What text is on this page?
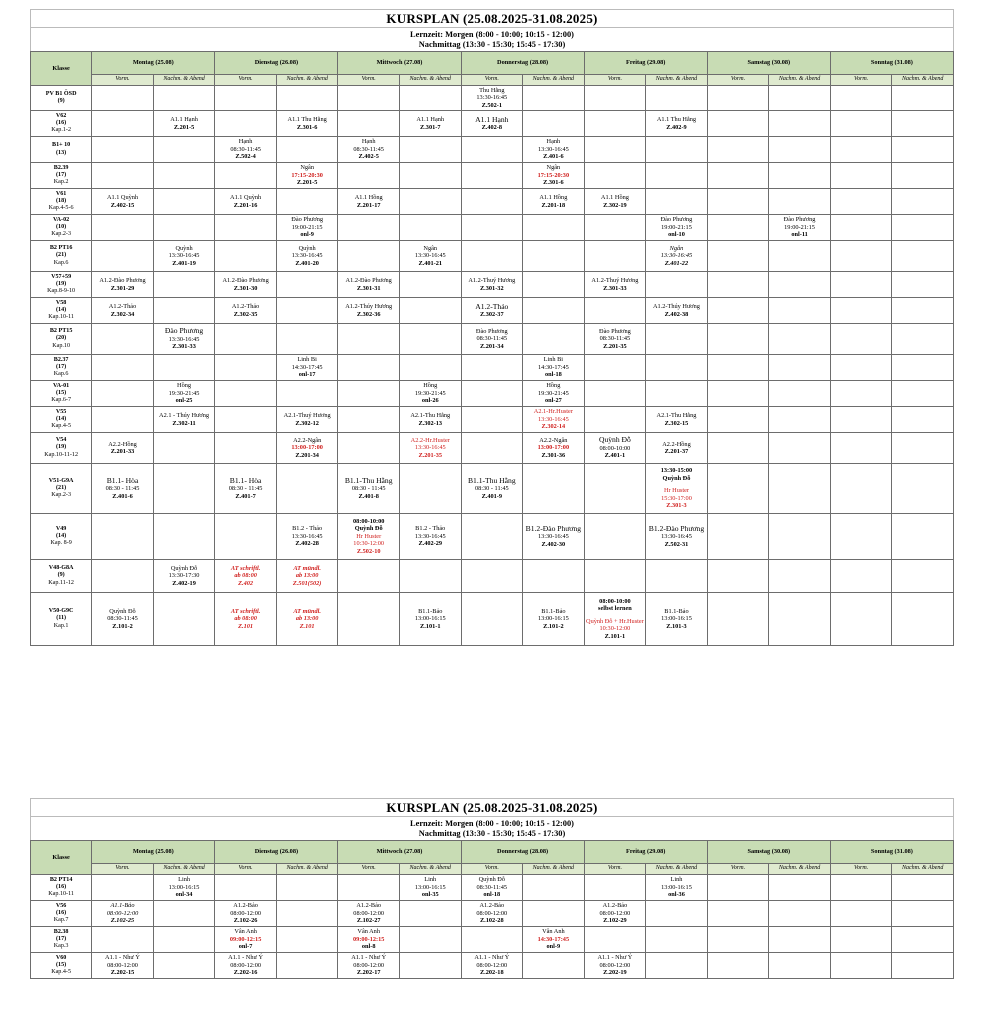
KURSPLAN (25.08.2025-31.08.2025)
Lernzeit: Morgen (8:00 - 10:00; 10:15 - 12:00)
Nachmittag (13:30 - 15:30; 15:45 - 17:30)
Klasse	Montag (25.08)		Dienstag (26.08)		Mittwoch (27.08)		Donnerstag (28.08)		Freitag (29.08)		Samstag (30.08)		Sonntag (31.08)	
	Vorm.	Nachm. & Abend	Vorm.	Nachm. & Abend	Vorm.	Nachm. & Abend	Vorm.	Nachm. & Abend	Vorm.	Nachm. & Abend	Vorm.	Nachm. & Abend	Vorm.	Nachm. & Abend

PV B1 ÖSD
(9)							Thu Hằng
13:30-16:45
Z.502-1							

V62
(16)
Kap.1-2		A1.1 Hạnh
Z.201-5		A1.1 Thu Hằng
Z.301-6		A1.1 Hạnh
Z.301-7	A1.1 Hạnh
Z.402-8			A1.1 Thu Hằng
Z.402-9				

B1+ 10
(13)			Hạnh
08:30-11:45
Z.502-4		Hạnh
08:30-11:45
Z.402-5			Hạnh
13:30-16:45
Z.401-6						

B2.39
(17)
Kap.2				Ngân
17:15-20:30
Z.201-5				Ngân
17:15-20:30
Z.301-6						

V61
(18)
Kap.4-5-6	A1.1 Quỳnh
Z.402-15		A1.1 Quỳnh
Z.201-16		A1.1 Hồng
Z.201-17			A1.1 Hồng
Z.201-18	A1.1 Hồng
Z.302-19					

VA-02
(10)
Kap.2-3				Đào Phương
19:00-21:15
onl-9						Đào Phương
19:00-21:15
onl-10		Đào Phương
19:00-21:15
onl-11		

B2 PT16
(21)
Kap.6		Quỳnh
13:30-16:45
Z.401-19		Quỳnh
13:30-16:45
Z.401-20		Ngân
13:30-16:45
Z.401-21				Ngân
13:30-16:45
Z.401-22				

V57+59
(19)
Kap.8-9-10	A1.2-Đào Phương
Z.301-29		A1.2-Đào Phương
Z.301-30		A1.2-Đào Phương
Z.301-31		A1.2-Thuý Hương
Z.301-32		A1.2-Thuý Hương
Z.301-33					

V58
(14)
Kap.10-11	A1.2-Thảo
Z.302-34		A1.2-Thảo
Z.302-35		A1.2-Thúy Hương
Z.302-36		A1.2-Thảo
Z.302-37			A1.2-Thúy Hương
Z.402-38				

B2 PT15
(20)
Kap.10		Đào Phương
13:30-16:45
Z.301-33					Đào Phương
08:30-11:45
Z.201-34		Đào Phương
08:30-11:45
Z.201-35					

B2.37
(17)
Kap.6				Linh Bi
14:30-17:45
onl-17				Linh Bi
14:30-17:45
onl-18						

VA-01
(15)
Kap.6-7		Hồng
19:30-21:45
onl-25				Hồng
19:30-21:45
onl-26		Hồng
19:30-21:45
onl-27						

V55
(14)
Kap.4-5		A2.1 - Thúy Hương
Z.302-11		A2.1-Thuý Hương
Z.302-12		A2.1-Thu Hằng
Z.302-13		A2.1-Hr.Huster
13:30-16:45
Z.302-14		A2.1-Thu Hằng
Z.302-15				

V54
(19)
Kap.10-11-12	A2.2-Hồng
Z.201-33			A2.2-Ngân
13:00-17:00
Z.201-34		A2.2-Hr.Huster
13:30-16:45
Z.201-35		A2.2-Ngân
13:00-17:00
Z.301-36	Quỳnh Đỗ
08:00-10:00
Z.401-1	A2.2-Hồng
Z.201-37				

V51-G9A
(21)
Kap.2-3	B1.1- Hòa
08:30 - 11:45
Z.401-6		B1.1- Hòa
08:30 - 11:45
Z.401-7		B1.1-Thu Hằng
08:30 - 11:45
Z.401-8		B1.1-Thu Hằng
08:30 - 11:45
Z.401-9			13:30-15:00
Quỳnh Đỗ
Hr Huster
15:30-17:00
Z.301-3				

V49
(14)
Kap. 8-9				B1.2 - Thảo
13:30-16:45
Z.402-28	08:00-10:00
Quỳnh Đỗ
Hr Huster
10:30-12:00
Z.502-10	B1.2 - Thảo
13:30-16:45
Z.402-29		B1.2-Đào Phương
13:30-16:45
Z.402-30		B1.2-Đào Phương
13:30-16:45
Z.502-31				

V48-G8A
(9)
Kap.11-12		Quỳnh Đỗ
13:30-17:30
Z.402-19	AT schriftl.
ab 08:00
Z.402	AT mündl.
ab 13:00
Z.501(502)										

V50-G9C
(11)
Kap.1	Quỳnh Đỗ
08:30-11:45
Z.101-2		AT schriftl.
ab 08:00
Z.101	AT mündl.
ab 13:00
Z.101		B1.1-Bảo
13:00-16:15
Z.101-1		B1.1-Bảo
13:00-16:15
Z.101-2	08:00-10:00
selbst lernen
Quỳnh Đỗ + Hr.Huster
10:30-12:00
Z.101-1	B1.1-Bảo
13:00-16:15
Z.101-3				

KURSPLAN (25.08.2025-31.08.2025)
Lernzeit: Morgen (8:00 - 10:00; 10:15 - 12:00)
Nachmittag (13:30 - 15:30; 15:45 - 17:30)
Klasse	Montag (25.08)		Dienstag (26.08)		Mittwoch (27.08)		Donnerstag (28.08)		Freitag (29.08)		Samstag (30.08)		Sonntag (31.08)	
	Vorm.	Nachm. & Abend	Vorm.	Nachm. & Abend	Vorm.	Nachm. & Abend	Vorm.	Nachm. & Abend	Vorm.	Nachm. & Abend	Vorm.	Nachm. & Abend	Vorm.	Nachm. & Abend

B2 PT14
(16)
Kap.10-11		Linh
13:00-16:15
onl-34				Linh
13:00-16:15
onl-35	Quỳnh Đỗ
08:30-11:45
onl-18			Linh
13:00-16:15
onl-36				

V56
(16)
Kap.7	A1.1-Bảo
08:00-12:00
Z.102-25		A1.2-Bảo
08:00-12:00
Z.102-26		A1.2-Bảo
08:00-12:00
Z.102-27		A1.2-Bảo
08:00-12:00
Z.102-28		A1.2-Bảo
08:00-12:00
Z.102-29					

B2.38
(17)
Kap.3			Vân Anh
09:00-12:15
onl-7		Vân Anh
09:00-12:15
onl-8			Vân Anh
14:30-17:45
onl-9						

V60
(15)
Kap.4-5	A1.1 - Như Ý
08:00-12:00
Z.202-15		A1.1 - Như Ý
08:00-12:00
Z.202-16		A1.1 - Như Ý
08:00-12:00
Z.202-17		A1.1 - Như Ý
08:00-12:00
Z.202-18		A1.1 - Như Ý
08:00-12:00
Z.202-19					
